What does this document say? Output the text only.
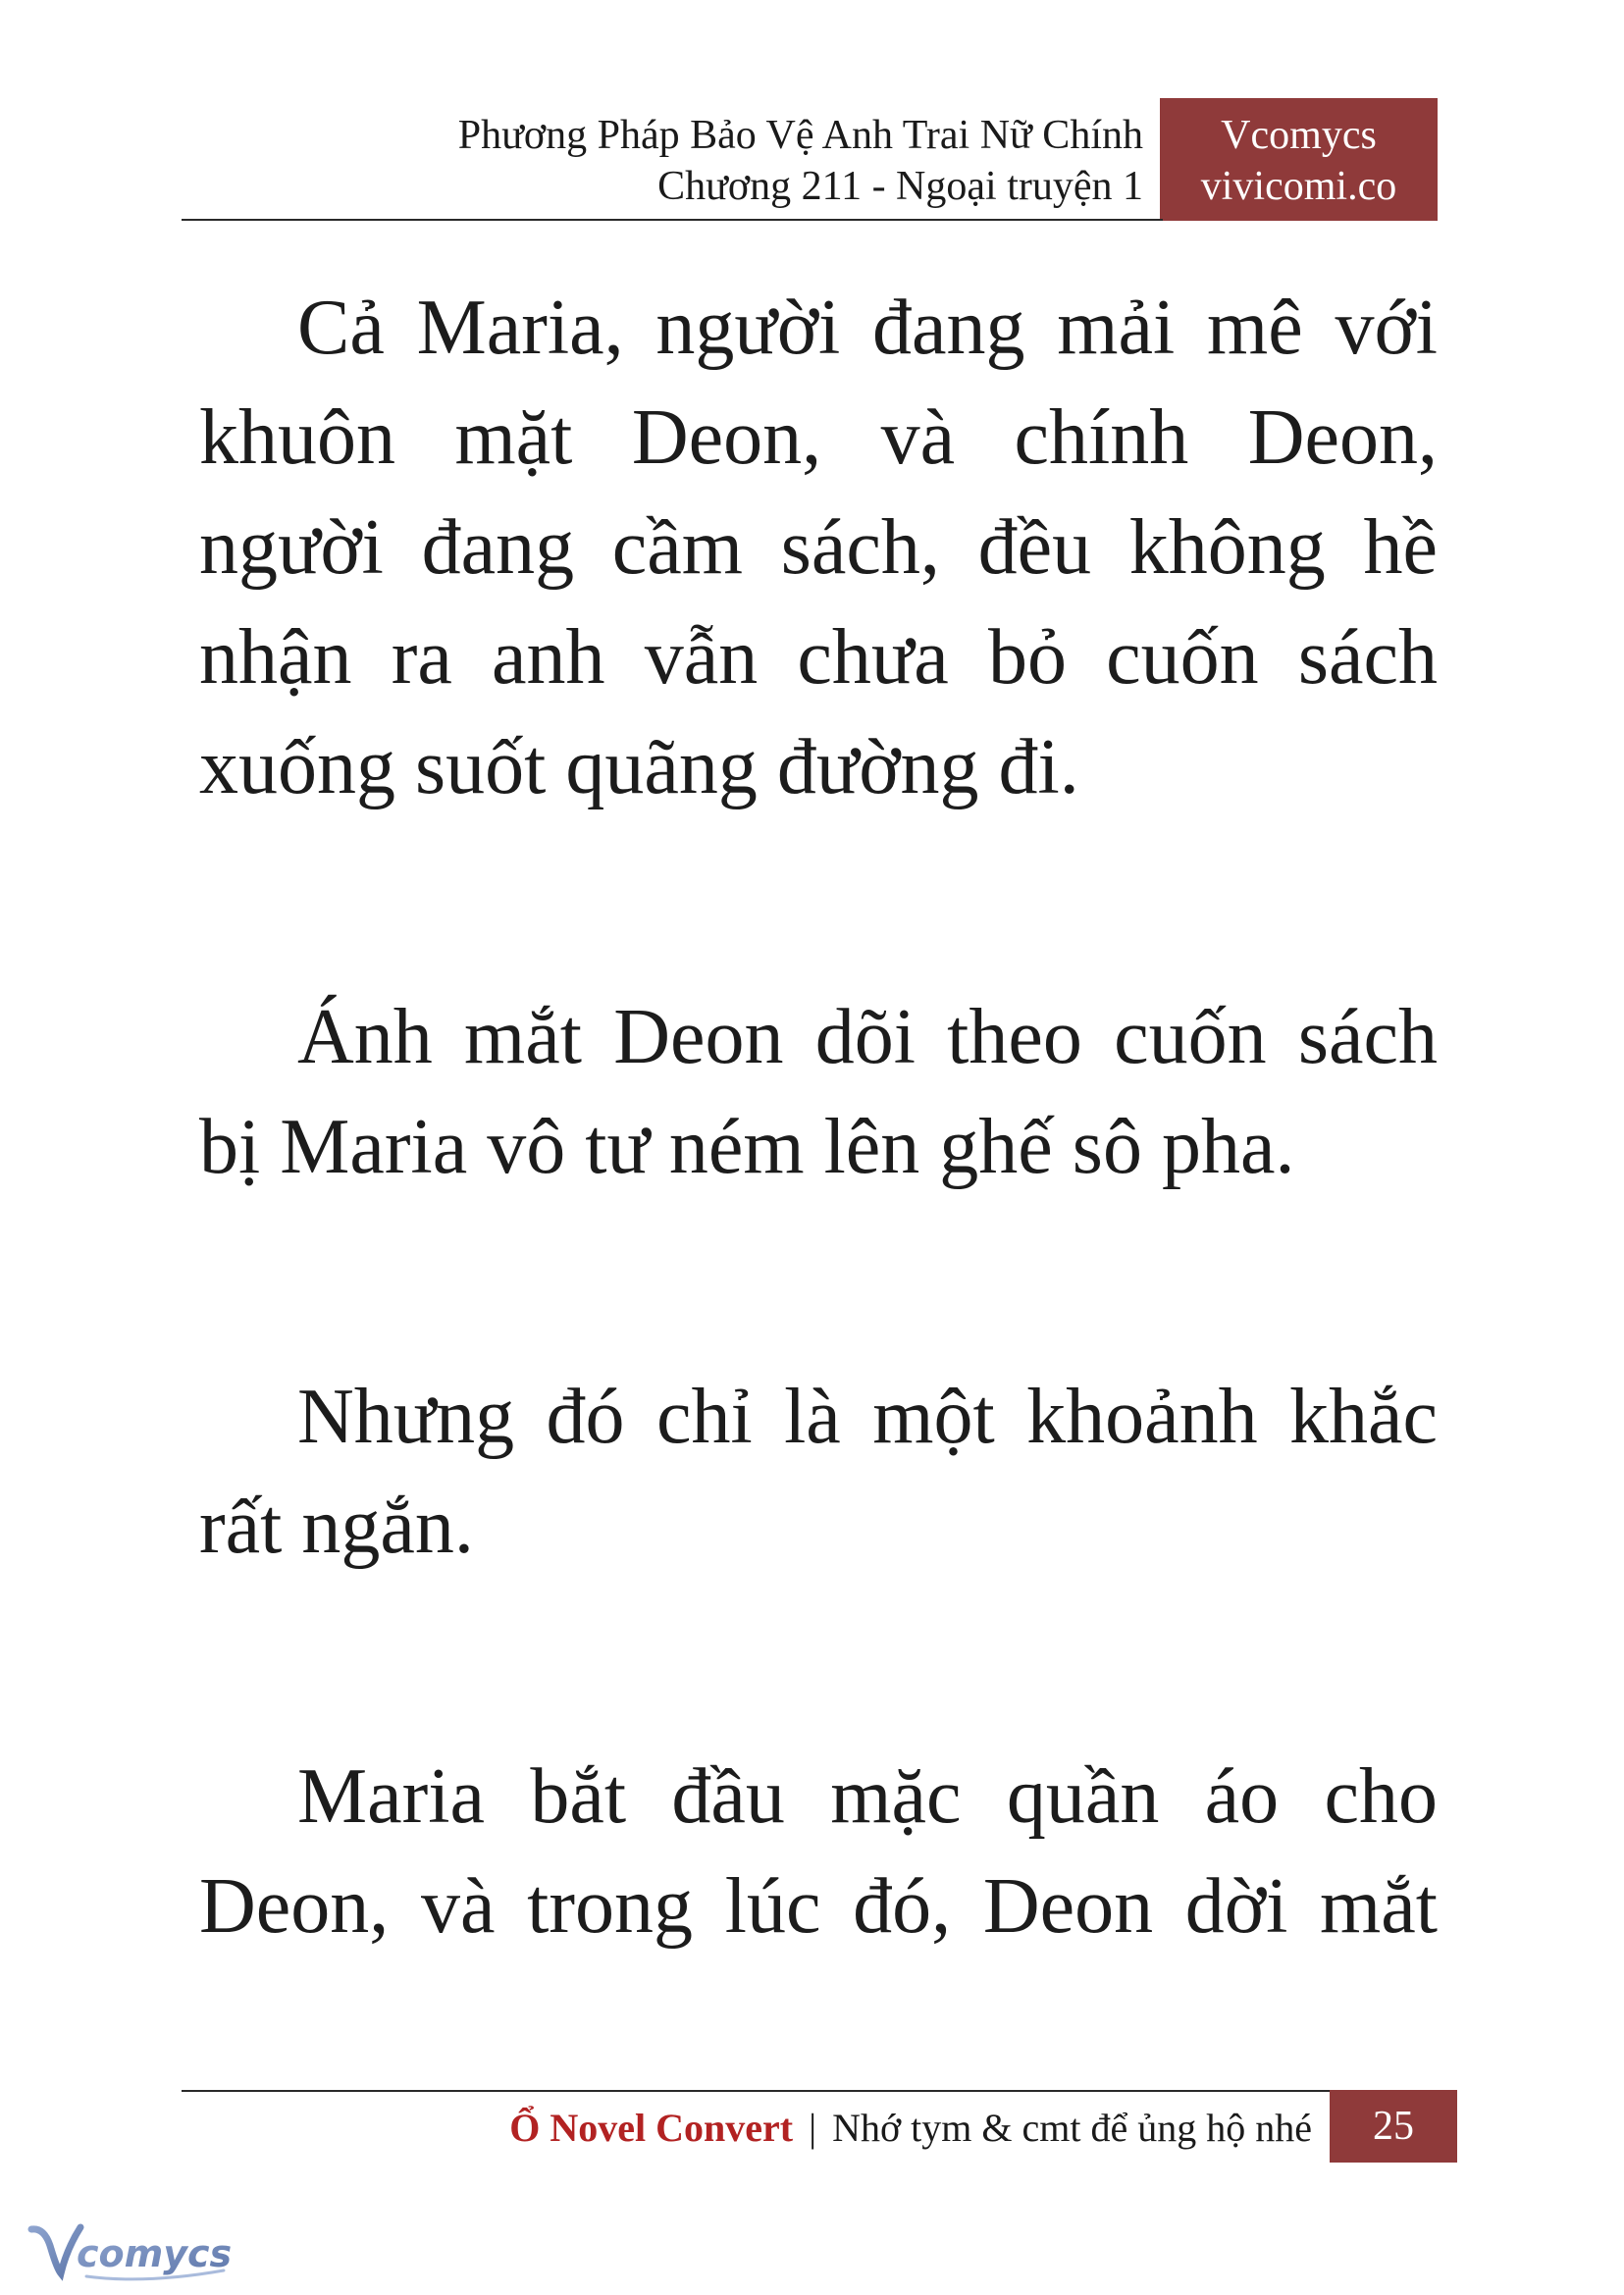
Phương Pháp Bảo Vệ Anh Trai Nữ Chính
Chương 211 - Ngoại truyện 1
Vcomycs
vivicomi.co

Cả Maria, người đang mải mê với khuôn mặt Deon, và chính Deon, người đang cầm sách, đều không hề nhận ra anh vẫn chưa bỏ cuốn sách xuống suốt quãng đường đi.

Ánh mắt Deon dõi theo cuốn sách bị Maria vô tư ném lên ghế sô pha.

Nhưng đó chỉ là một khoảnh khắc rất ngắn.

Maria bắt đầu mặc quần áo cho Deon, và trong lúc đó, Deon dời mắt

Ổ Novel Convert | Nhớ tym & cmt để ủng hộ nhé	25
comycs
